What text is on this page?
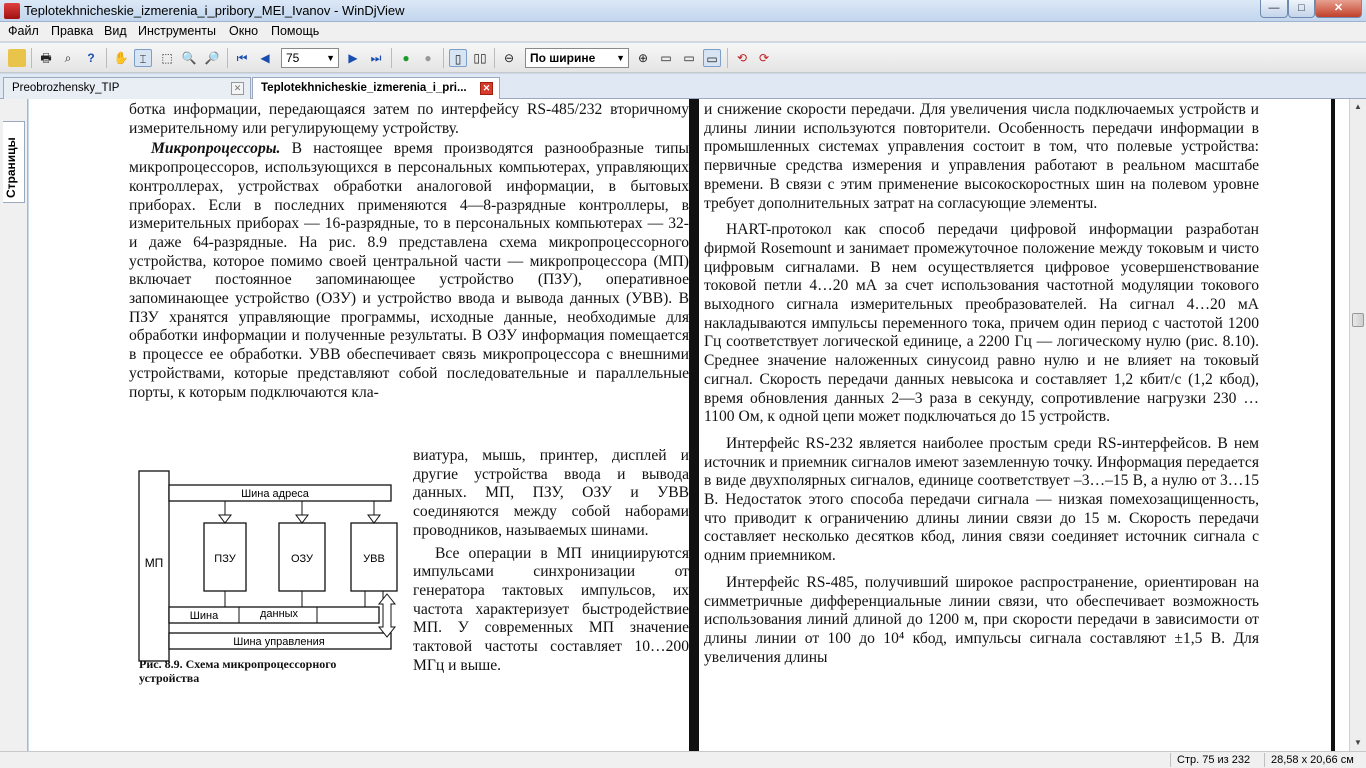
Teplotekhnicheskie_izmerenia_i_pribory_MEI_Ivanov - WinDjView	—	□	✕
Файл Правка Вид Инструменты Окно Помощь
🖶	⌕	?	✋ ⌶	⬚ 🔍 🔎 ⏮	◀	75	▼	▶	⏭	●	●	▯	▯▯	⊖	По ширине ▼	⊕	▭ ▭ ▭	⟲ ⟳
Preobrozhensky_TIP	✕	Teplotekhnicheskie_izmerenia_i_pri...	✕
Страницы

ботка информации, передающаяся затем по интерфейсу RS-485/232 вторичному измерительному или регулирующему устройству.

Микропроцессоры. В настоящее время производятся разнообразные типы микропроцессоров, использующихся в персональных компьютерах, управляющих контроллерах, устройствах обработки аналоговой информации, в бытовых приборах. Если в последних применяются 4—8-разрядные контроллеры, в измерительных приборах — 16-разрядные, то в персональных компьютерах — 32- и даже 64-разрядные. На рис. 8.9 представлена схема микропроцессорного устройства, которое помимо своей центральной части — микропроцессора (МП) включает постоянное запоминающее устройство (ПЗУ), оперативное запоминающее устройство (ОЗУ) и устройство ввода и вывода данных (УВВ). В ПЗУ хранятся управляющие программы, исходные данные, необходимые для обработки информации и полученные результаты. В ОЗУ информация помещается в процессе ее обработки. УВВ обеспечивает связь микропроцессора с внешними устройствами, которые представляют собой последовательные и параллельные порты, к которым подключаются кла-

МП
Шина адреса
ПЗУ	ОЗУ	УВВ
Шина	данных
Шина управления
Рис. 8.9. Схема микропроцессорного устройства

виатура, мышь, принтер, дисплей и другие устройства ввода и вывода данных. МП, ПЗУ, ОЗУ и УВВ соединяются между собой наборами проводников, называемых шинами.

Все операции в МП инициируются импульсами синхронизации от генератора тактовых импульсов, их частота характеризует быстродействие МП. У современных МП значение тактовой частоты составляет 10…200 МГц и выше.

и снижение скорости передачи. Для увеличения числа подключаемых устройств и длины линии используются повторители. Особенность передачи информации в промышленных системах управления состоит в том, что полевые устройства: первичные средства измерения и управления работают в реальном масштабе времени. В связи с этим применение высокоскоростных шин на полевом уровне требует дополнительных затрат на согласующие элементы.

HART-протокол как способ передачи цифровой информации разработан фирмой Rosemount и занимает промежуточное положение между токовым и чисто цифровым сигналами. В нем осуществляется цифровое усовершенствование токовой петли 4…20 мА за счет использования частотной модуляции токового выходного сигнала измерительных преобразователей. На сигнал 4…20 мА накладываются импульсы переменного тока, причем один период с частотой 1200 Гц соответствует логической единице, а 2200 Гц — логическому нулю (рис. 8.10). Среднее значение наложенных синусоид равно нулю и не влияет на токовый сигнал. Скорость передачи данных невысока и составляет 1,2 кбит/с (1,2 кбод), время обновления данных 2—3 раза в секунду, сопротивление нагрузки 230 …1100 Ом, к одной цепи может подключаться до 15 устройств.

Интерфейс RS-232 является наиболее простым среди RS-интерфейсов. В нем источник и приемник сигналов имеют заземленную точку. Информация передается в виде двухполярных сигналов, единице соответствует –3…–15 В, а нулю от 3…15 В. Недостаток этого способа передачи сигнала — низкая помехозащищенность, что приводит к ограничению длины линии связи до 15 м. Скорость передачи составляет несколько десятков кбод, линия связи соединяет источник сигнала с одним приемником.

Интерфейс RS-485, получивший широкое распространение, ориентирован на симметричные дифференциальные линии связи, что обеспечивает возможность использования линий длиной до 1200 м, при скорости передачи в зависимости от длины линии от 100 до 10⁴ кбод, импульсы сигнала составляют ±1,5 В. Для увеличения длины

▲
▼
Стр. 75 из 232	28,58 x 20,66 см
